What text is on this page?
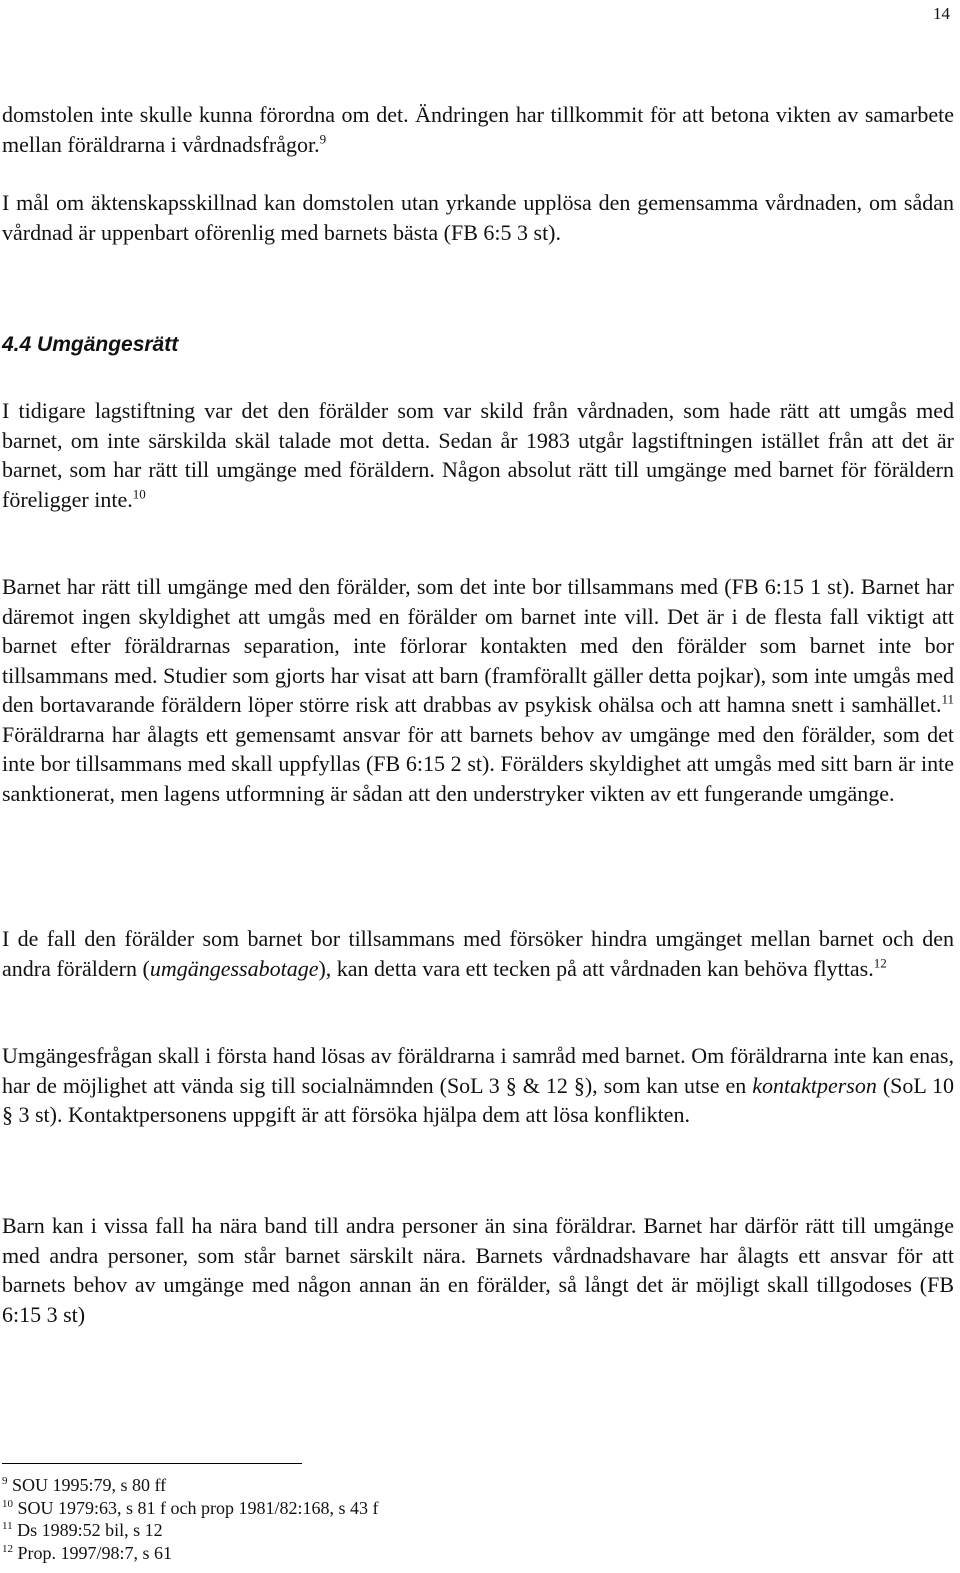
14

domstolen inte skulle kunna förordna om det. Ändringen har tillkommit för att betona vikten av samarbete mellan föräldrarna i vårdnadsfrågor.$^9$

I mål om äktenskapsskillnad kan domstolen utan yrkande upplösa den gemensamma vårdnaden, om sådan vårdnad är uppenbart oförenlig med barnets bästa (FB 6:5 3 st).

4.4 Umgängesrätt

I tidigare lagstiftning var det den förälder som var skild från vårdnaden, som hade rätt att umgås med barnet, om inte särskilda skäl talade mot detta. Sedan år 1983 utgår lagstiftningen istället från att det är barnet, som har rätt till umgänge med föräldern. Någon absolut rätt till umgänge med barnet för föräldern föreligger inte.$^{10}$

Barnet har rätt till umgänge med den förälder, som det inte bor tillsammans med (FB 6:15 1 st). Barnet har däremot ingen skyldighet att umgås med en förälder om barnet inte vill. Det är i de flesta fall viktigt att barnet efter föräldrarnas separation, inte förlorar kontakten med den förälder som barnet inte bor tillsammans med. Studier som gjorts har visat att barn (framförallt gäller detta pojkar), som inte umgås med den bortavarande föräldern löper större risk att drabbas av psykisk ohälsa och att hamna snett i samhället.$^{11}$ Föräldrarna har ålagts ett gemensamt ansvar för att barnets behov av umgänge med den förälder, som det inte bor tillsammans med skall uppfyllas (FB 6:15 2 st). Förälders skyldighet att umgås med sitt barn är inte sanktionerat, men lagens utformning är sådan att den understryker vikten av ett fungerande umgänge.

I de fall den förälder som barnet bor tillsammans med försöker hindra umgänget mellan barnet och den andra föräldern (umgängessabotage), kan detta vara ett tecken på att vårdnaden kan behöva flyttas.$^{12}$

Umgängesfrågan skall i första hand lösas av föräldrarna i samråd med barnet. Om föräldrarna inte kan enas, har de möjlighet att vända sig till socialnämnden (SoL 3 § & 12 §), som kan utse en kontaktperson (SoL 10 § 3 st). Kontaktpersonens uppgift är att försöka hjälpa dem att lösa konflikten.

Barn kan i vissa fall ha nära band till andra personer än sina föräldrar. Barnet har därför rätt till umgänge med andra personer, som står barnet särskilt nära. Barnets vårdnadshavare har ålagts ett ansvar för att barnets behov av umgänge med någon annan än en förälder, så långt det är möjligt skall tillgodoses (FB 6:15 3 st)

$^9$ SOU 1995:79, s 80 ff
$^{10}$ SOU 1979:63, s 81 f och prop 1981/82:168, s 43 f
$^{11}$ Ds 1989:52 bil, s 12
$^{12}$ Prop. 1997/98:7, s 61
